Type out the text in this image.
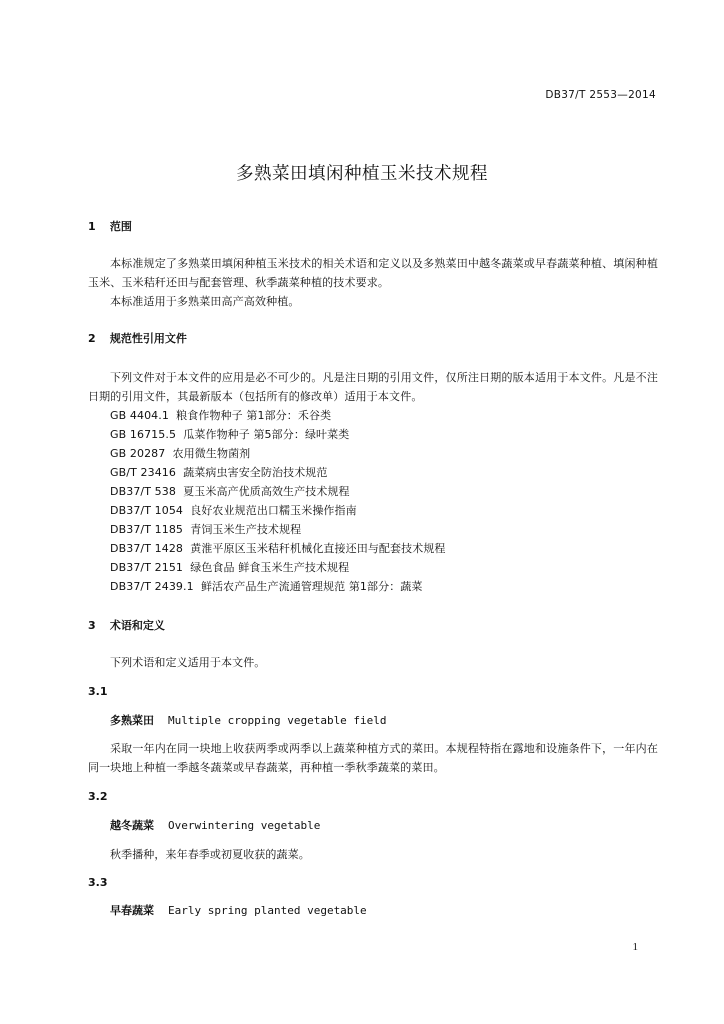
DB37/T 2553—2014
多熟菜田填闲种植玉米技术规程
1 范围
本标准规定了多熟菜田填闲种植玉米技术的相关术语和定义以及多熟菜田中越冬蔬菜或早春蔬菜种植、填闲种植玉米、玉米秸秆还田与配套管理、秋季蔬菜种植的技术要求。
本标准适用于多熟菜田高产高效种植。
2 规范性引用文件
下列文件对于本文件的应用是必不可少的。凡是注日期的引用文件，仅所注日期的版本适用于本文件。凡是不注日期的引用文件，其最新版本（包括所有的修改单）适用于本文件。
GB 4404.1 粮食作物种子 第1部分：禾谷类
GB 16715.5 瓜菜作物种子 第5部分：绿叶菜类
GB 20287 农用微生物菌剂
GB/T 23416 蔬菜病虫害安全防治技术规范
DB37/T 538 夏玉米高产优质高效生产技术规程
DB37/T 1054 良好农业规范出口糯玉米操作指南
DB37/T 1185 青饲玉米生产技术规程
DB37/T 1428 黄淮平原区玉米秸秆机械化直接还田与配套技术规程
DB37/T 2151 绿色食品 鲜食玉米生产技术规程
DB37/T 2439.1 鲜活农产品生产流通管理规范 第1部分：蔬菜
3 术语和定义
下列术语和定义适用于本文件。
3.1
多熟菜田 Multiple cropping vegetable field
采取一年内在同一块地上收获两季或两季以上蔬菜种植方式的菜田。本规程特指在露地和设施条件下，一年内在同一块地上种植一季越冬蔬菜或早春蔬菜，再种植一季秋季蔬菜的菜田。
3.2
越冬蔬菜 Overwintering vegetable
秋季播种，来年春季或初夏收获的蔬菜。
3.3
早春蔬菜 Early spring planted vegetable
1
